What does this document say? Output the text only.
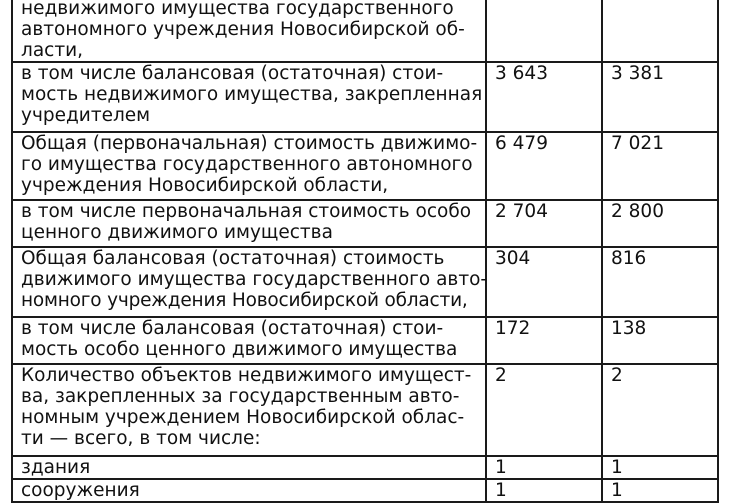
недвижимого имущества государственного
автономного учреждения Новосибирской об-
ласти,		

в том числе балансовая (остаточная) стои-
мость недвижимого имущества, закрепленная
учредителем	3 643	3 381

Общая (первоначальная) стоимость движимо-
го имущества государственного автономного
учреждения Новосибирской области,	6 479	7 021

в том числе первоначальная стоимость особо
ценного движимого имущества	2 704	2 800

Общая балансовая (остаточная) стоимость
движимого имущества государственного авто-
номного учреждения Новосибирской области,	304	816

в том числе балансовая (остаточная) стои-
мость особо ценного движимого имущества	172	138

Количество объектов недвижимого имущест-
ва, закрепленных за государственным авто-
номным учреждением Новосибирской облас-
ти — всего, в том числе:	2	2

здания	1	1

сооружения	1	1
